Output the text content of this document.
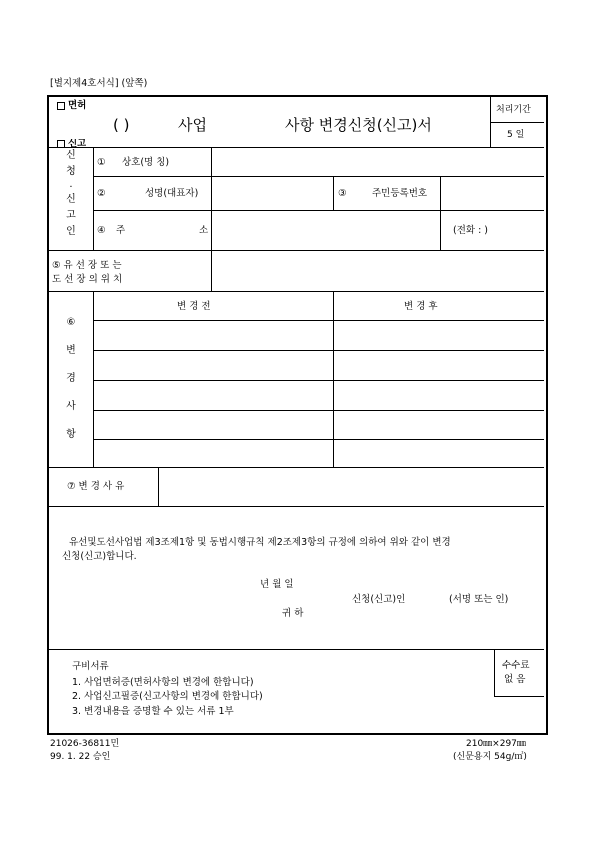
[별지제4호서식] (앞쪽)
면허
신고
( )	사업	사항 변경신청(신고)서
처리기간
5 일
신
청
·
신
고
인
① 상호(명 칭)
②	성명(대표자)	③	주민등록번호
④ 주	소	(전화 : )
⑤ 유 선 장 또 는
도 선 장 의 위 치
⑥
변
경
사
항
변 경 전	변 경 후
⑦ 변 경 사 유
유선및도선사업법 제3조제1항 및 동법시행규칙 제2조제3항의 규정에 의하여 위와 같이 변경
신청(신고)합니다.
년 월 일
신청(신고)인	(서명 또는 인)
귀 하
구비서류
1. 사업면허증(면허사항의 변경에 한합니다)
2. 사업신고필증(신고사항의 변경에 한합니다)
3. 변경내용을 증명할 수 있는 서류 1부
수수료
없 음
21026-36811민
99. 1. 22 승인
210㎜×297㎜
(신문용지 54g/㎡)
